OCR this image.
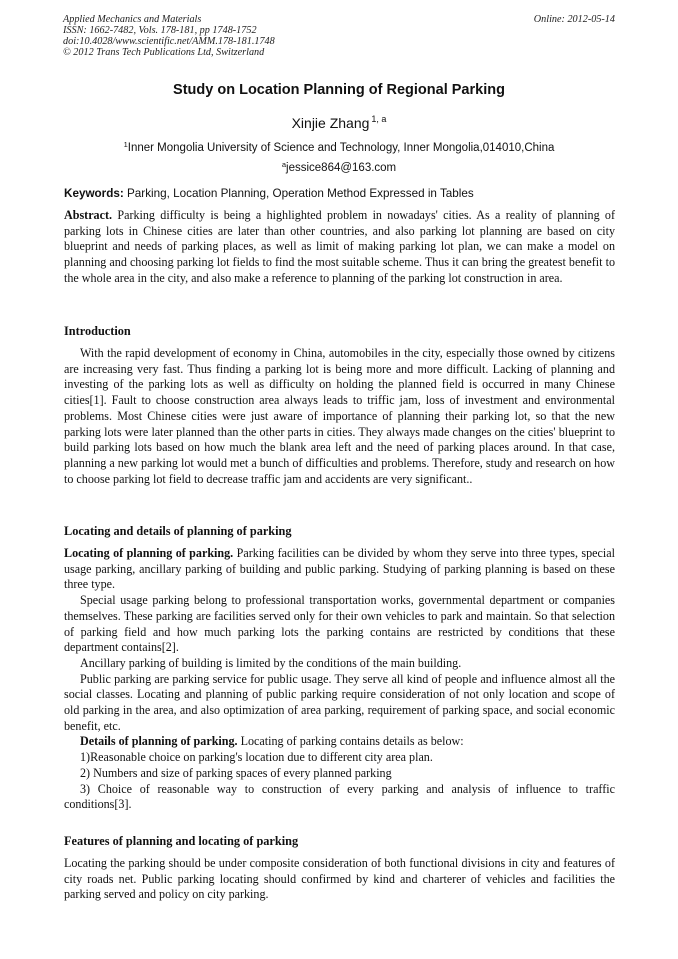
Applied Mechanics and Materials
ISSN: 1662-7482, Vols. 178-181, pp 1748-1752
doi:10.4028/www.scientific.net/AMM.178-181.1748
© 2012 Trans Tech Publications Ltd, Switzerland
Online: 2012-05-14
Study on Location Planning of Regional Parking
Xinjie Zhang $^{1, a}$
$^1$Inner Mongolia University of Science and Technology, Inner Mongolia,014010,China
$^a$jessice864@163.com
Keywords: Parking, Location Planning, Operation Method Expressed in Tables

Abstract. Parking difficulty is being a highlighted problem in nowadays' cities. As a reality of planning of parking lots in Chinese cities are later than other countries, and also parking lot planning are based on city blueprint and needs of parking places, as well as limit of making parking lot plan, we can make a model on planning and choosing parking lot fields to find the most suitable scheme. Thus it can bring the greatest benefit to the whole area in the city, and also make a reference to planning of the parking lot construction in area.

Introduction

With the rapid development of economy in China, automobiles in the city, especially those owned by citizens are increasing very fast. Thus finding a parking lot is being more and more difficult. Lacking of planning and investing of the parking lots as well as difficulty on holding the planned field is occurred in many Chinese cities[1]. Fault to choose construction area always leads to triffic jam, loss of investment and environmental problems. Most Chinese cities were just aware of importance of planning their parking lot, so that the new parking lots were later planned than the other parts in cities. They always made changes on the cities' blueprint to build parking lots based on how much the blank area left and the need of parking places around. In that case, planning a new parking lot would met a bunch of difficulties and problems. Therefore, study and research on how to choose parking lot field to decrease traffic jam and accidents are very significant..

Locating and details of planning of parking

Locating of planning of parking. Parking facilities can be divided by whom they serve into three types, special usage parking, ancillary parking of building and public parking. Studying of parking planning is based on these three type.

Special usage parking belong to professional transportation works, governmental department or companies themselves. These parking are facilities served only for their own vehicles to park and maintain. So that selection of parking field and how much parking lots the parking contains are restricted by conditions that these department contains[2].

Ancillary parking of building is limited by the conditions of the main building.

Public parking are parking service for public usage. They serve all kind of people and influence almost all the social classes. Locating and planning of public parking require consideration of not only location and scope of old parking in the area, and also optimization of area parking, requirement of parking space, and social economic benefit, etc.

Details of planning of parking. Locating of parking contains details as below:

1)Reasonable choice on parking's location due to different city area plan.

2) Numbers and size of parking spaces of every planned parking

3) Choice of reasonable way to construction of every parking and analysis of influence to traffic conditions[3].

Features of planning and locating of parking

Locating the parking should be under composite consideration of both functional divisions in city and features of city roads net. Public parking locating should confirmed by kind and charterer of vehicles and facilities the parking served and policy on city parking.
